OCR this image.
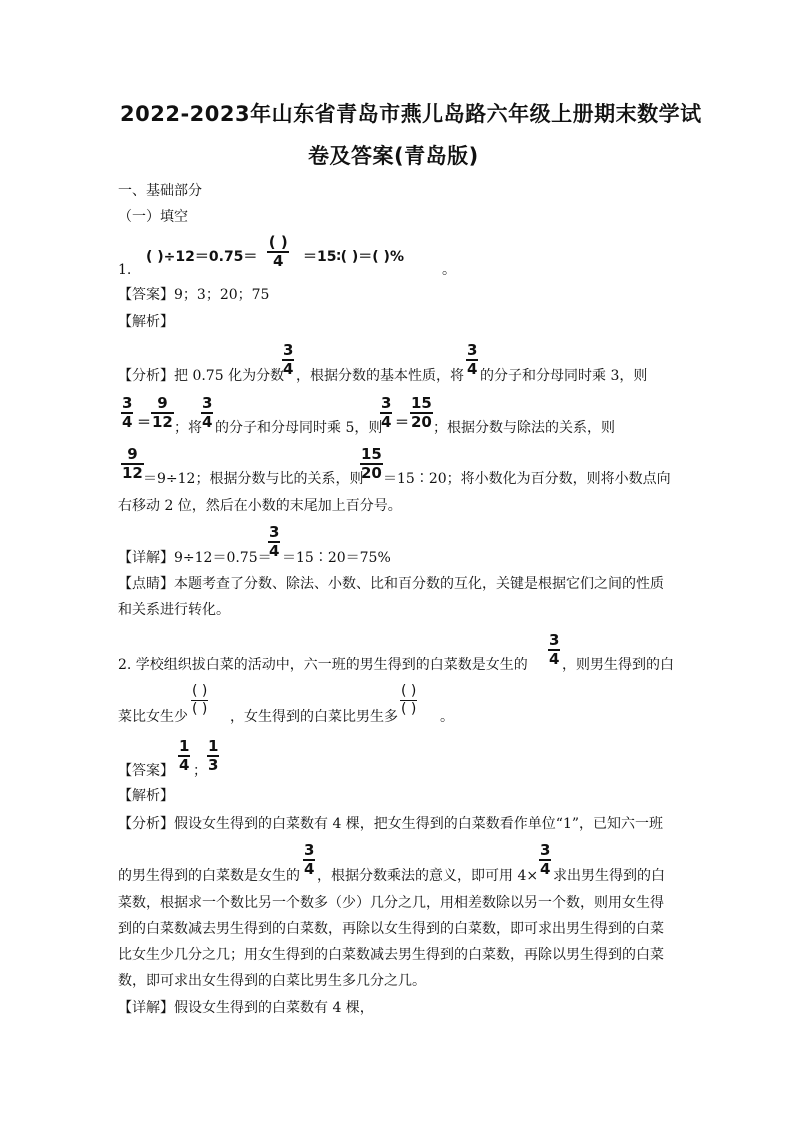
2022-2023年山东省青岛市燕儿岛路六年级上册期末数学试
卷及答案(青岛版)
一、基础部分
（一）填空
( )÷12＝0.75＝
( )
4	＝15∶( )＝( )%
1.	。
【答案】9；3；20；75
【解析】
【分析】把 0.75 化为分数
$\frac{3}{4}$ ，根据分数的基本性质，将 $\frac{3}{4}$ 的分子和分母同时乘 3，则
$\frac{3}{4} = \frac{9}{12}$ ；将 $\frac{3}{4}$ 的分子和分母同时乘 5，则
$\frac{3}{4} = \frac{15}{20}$ ；根据分数与除法的关系，则
$\frac{9}{12} =9\div 12$；根据分数与比的关系，则
$\frac{15}{20}$ ＝15∶20；将小数化为百分数，则将小数点向
右移动 2 位，然后在小数的末尾加上百分号。
【详解】9÷12＝0.75＝
$\frac{3}{4}$ ＝15∶20＝75%
【点睛】本题考查了分数、除法、小数、比和百分数的互化，关键是根据它们之间的性质
和关系进行转化。
2. 学校组织拔白菜的活动中，六一班的男生得到的白菜数是女生的 $\frac{3}{4}$ ，则男生得到的白
菜比女生少
( )
( ) ，女生得到的白菜比男生多
( )
( ) 。
【答案】 $\frac{1}{4}$ ； $\frac{1}{3}$
【解析】
【分析】假设女生得到的白菜数有 4 棵，把女生得到的白菜数看作单位“1”，已知六一班
的男生得到的白菜数是女生的 $\frac{3}{4}$ ，根据分数乘法的意义，即可用 $4\times \frac{3}{4}$ 求出男生得到的白
菜数，根据求一个数比另一个数多（少）几分之几，用相差数除以另一个数，则用女生得
到的白菜数减去男生得到的白菜数，再除以女生得到的白菜数，即可求出男生得到的白菜
比女生少几分之几；用女生得到的白菜数减去男生得到的白菜数，再除以男生得到的白菜
数，即可求出女生得到的白菜比男生多几分之几。
【详解】假设女生得到的白菜数有 4 棵，
